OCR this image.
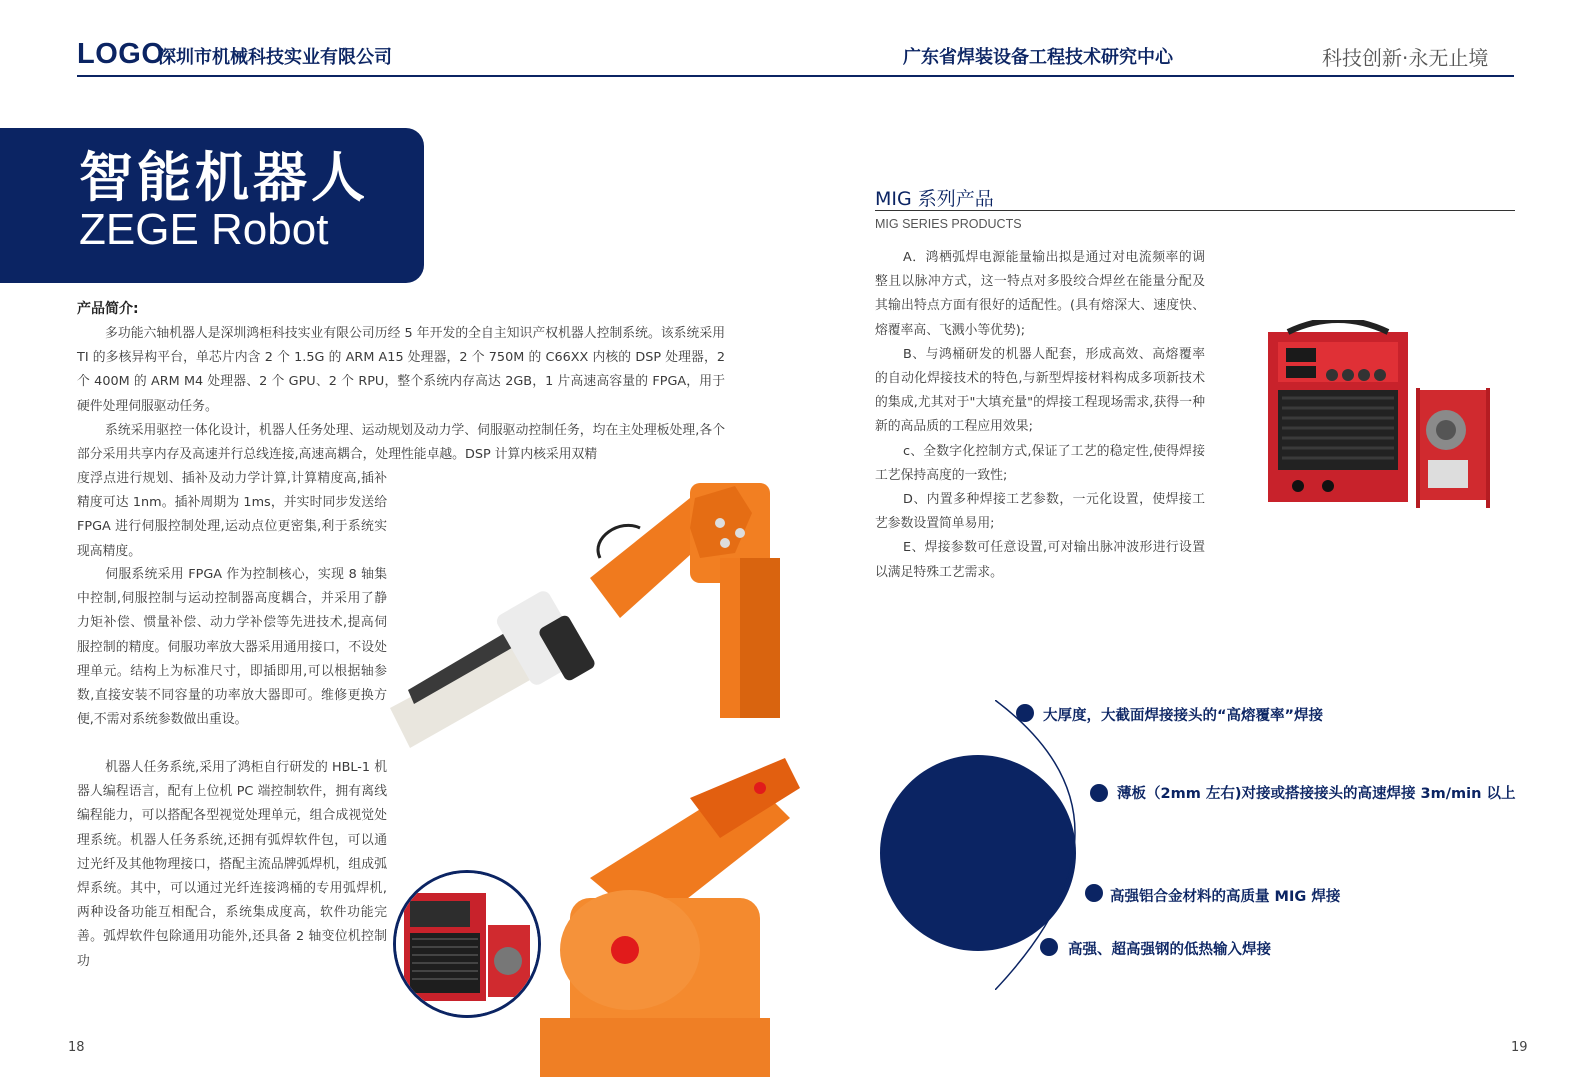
LOGO
深圳市机械科技实业有限公司	广东省焊装设备工程技术研究中心	科技创新·永无止境
智能机器人
ZEGE Robot
产品简介:

多功能六轴机器人是深圳鸿柜科技实业有限公司历经 5 年开发的全自主知识产权机器人控制系统。该系统采用 TI 的多核异构平台，单芯片内含 2 个 1.5G 的 ARM A15 处理器，2 个 750M 的 C66XX 内核的 DSP 处理器，2 个 400M 的 ARM M4 处理器、2 个 GPU、2 个 RPU，整个系统内存高达 2GB，1 片高速高容量的 FPGA，用于硬件处理伺服驱动任务。

系统采用驱控一体化设计，机器人任务处理、运动规划及动力学、伺服驱动控制任务，均在主处理板处理,各个部分采用共享内存及高速并行总线连接,高速高耦合，处理性能卓越。DSP 计算内核采用双精

度浮点进行规划、插补及动力学计算,计算精度高,插补精度可达 1nm。插补周期为 1ms，并实时同步发送给 FPGA 进行伺服控制处理,运动点位更密集,利于系统实现高精度。

伺服系统采用 FPGA 作为控制核心，实现 8 轴集中控制,伺服控制与运动控制器高度耦合，并采用了静力矩补偿、惯量补偿、动力学补偿等先进技术,提高伺服控制的精度。伺服功率放大器采用通用接口，不设处理单元。结构上为标准尺寸，即插即用,可以根据轴参数,直接安装不同容量的功率放大器即可。维修更换方便,不需对系统参数做出重设。

机器人任务系统,采用了鸿柜自行研发的 HBL-1 机器人编程语言，配有上位机 PC 端控制软件，拥有离线编程能力，可以搭配各型视觉处理单元，组合成视觉处理系统。机器人任务系统,还拥有弧焊软件包，可以通过光纤及其他物理接口，搭配主流品牌弧焊机，组成弧焊系统。其中，可以通过光纤连接鸿桶的专用弧焊机,两种设备功能互相配合，系统集成度高，软件功能完善。弧焊软件包除通用功能外,还具备 2 轴变位机控制功

18	19
MIG 系列产品
MIG SERIES PRODUCTS
A．鸿栖弧焊电源能量输出拟是通过对电流频率的调整且以脉冲方式，这一特点对多股绞合焊丝在能量分配及其输出特点方面有很好的适配性。(具有熔深大、速度快、熔覆率高、飞溅小等优势);
B、与鸿桶研发的机器人配套，形成高效、高熔覆率的自动化焊接技术的特色,与新型焊接材料构成多项新技术的集成,尤其对于"大填充量"的焊接工程现场需求,获得一种新的高品质的工程应用效果;
c、全数字化控制方式,保证了工艺的稳定性,使得焊接工艺保持高度的一致性;
D、内置多种焊接工艺参数，一元化设置，使焊接工艺参数设置简单易用;
E、焊接参数可任意设置,可对输出脉冲波形进行设置以满足特殊工艺需求。
大厚度，大截面焊接接头的“高熔覆率”焊接
薄板（2mm 左右)对接或搭接接头的高速焊接 3m/min 以上
高强铝合金材料的高质量 MIG 焊接
高强、超高强钢的低热输入焊接
